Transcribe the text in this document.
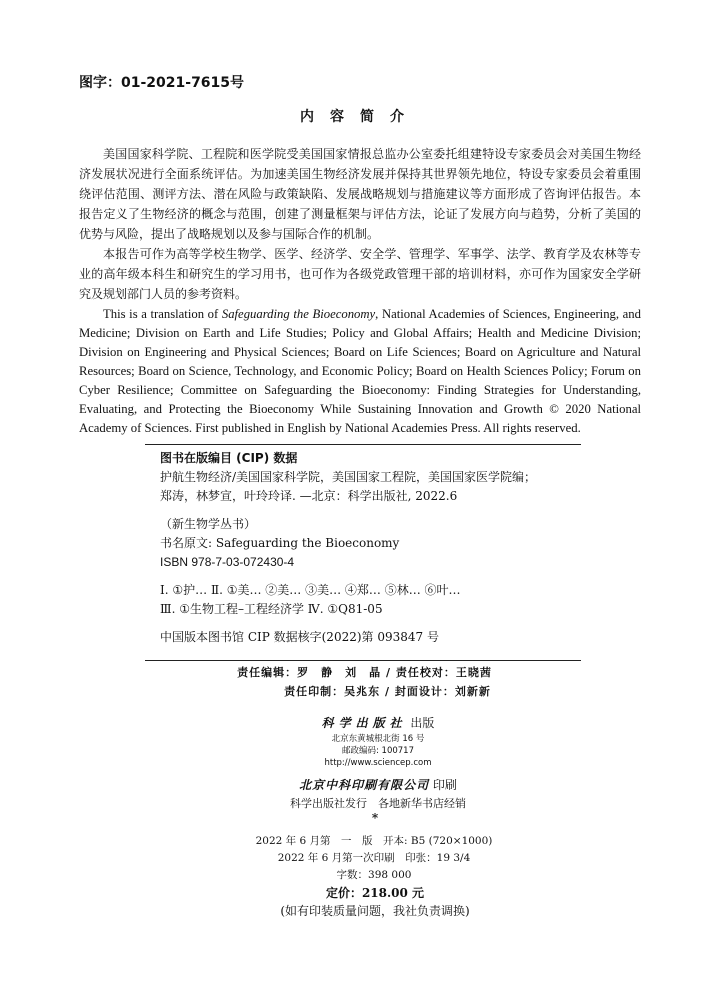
图字：01-2021-7615号
内容简介

美国国家科学院、工程院和医学院受美国国家情报总监办公室委托组建特设专家委员会对美国生物经济发展状况进行全面系统评估。为加速美国生物经济发展并保持其世界领先地位，特设专家委员会着重围绕评估范围、测评方法、潜在风险与政策缺陷、发展战略规划与措施建议等方面形成了咨询评估报告。本报告定义了生物经济的概念与范围，创建了测量框架与评估方法，论证了发展方向与趋势，分析了美国的优势与风险，提出了战略规划以及参与国际合作的机制。

本报告可作为高等学校生物学、医学、经济学、安全学、管理学、军事学、法学、教育学及农林等专业的高年级本科生和研究生的学习用书，也可作为各级党政管理干部的培训材料，亦可作为国家安全学研究及规划部门人员的参考资料。

This is a translation of Safeguarding the Bioeconomy, National Academies of Sciences, Engineering, and Medicine; Division on Earth and Life Studies; Policy and Global Affairs; Health and Medicine Division; Division on Engineering and Physical Sciences; Board on Life Sciences; Board on Agriculture and Natural Resources; Board on Science, Technology, and Economic Policy; Board on Health Sciences Policy; Forum on Cyber Resilience; Committee on Safeguarding the Bioeconomy: Finding Strategies for Understanding, Evaluating, and Protecting the Bioeconomy While Sustaining Innovation and Growth © 2020 National Academy of Sciences. First published in English by National Academies Press. All rights reserved.

图书在版编目 (CIP) 数据
护航生物经济/美国国家科学院，美国国家工程院，美国国家医学院编；
郑涛，林梦宣，叶玲玲译. —北京：科学出版社, 2022.6
（新生物学丛书）
书名原文: Safeguarding the Bioeconomy
ISBN 978-7-03-072430-4
Ⅰ. ①护… Ⅱ. ①美… ②美… ③美… ④郑… ⑤林… ⑥叶…
Ⅲ. ①生物工程–工程经济学 Ⅳ. ①Q81-05
中国版本图书馆 CIP 数据核字(2022)第 093847 号
责任编辑：罗　静　刘　晶 / 责任校对：王晓茜
责任印制：吴兆东 / 封面设计：刘新新
科学出版社 出版
北京东黄城根北街 16 号
邮政编码: 100717
http://www.sciencep.com
北京中科印刷有限公司 印刷
科学出版社发行　各地新华书店经销
*
2022 年 6 月第　一　版　开本: B5 (720×1000)
2022 年 6 月第一次印刷　印张：19 3/4
字数：398 000
定价：218.00 元
(如有印装质量问题，我社负责调换)
